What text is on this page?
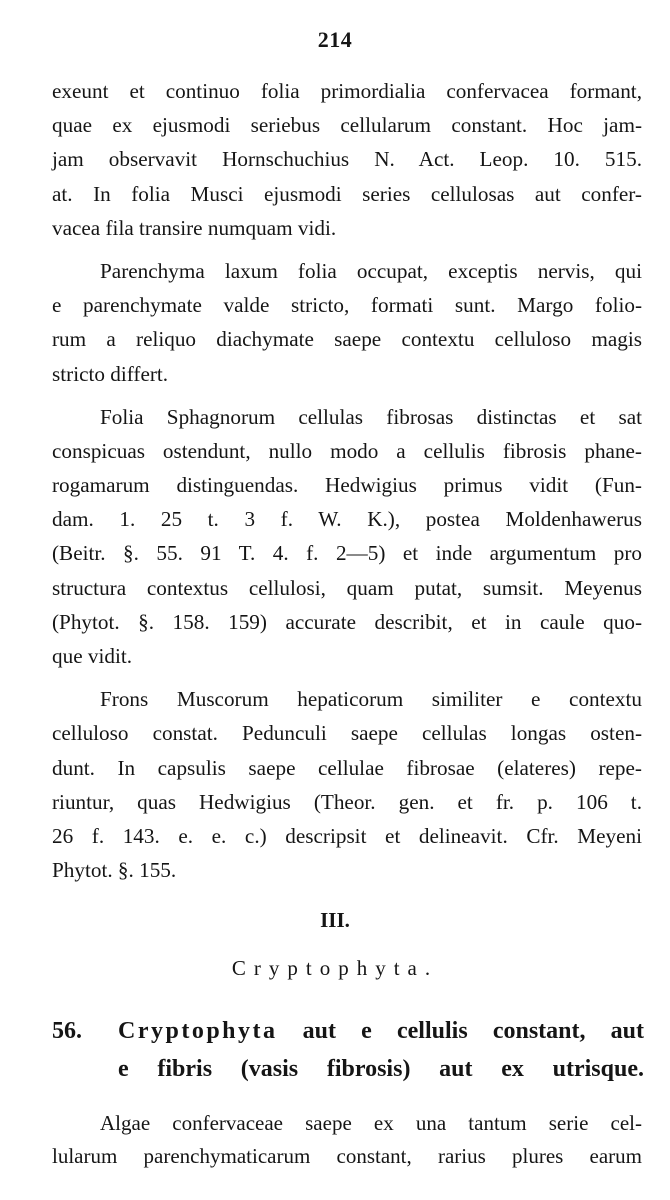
214
exeunt et continuo folia primordialia confervacea formant,
quae ex ejusmodi seriebus cellularum constant. Hoc jam-
jam observavit Hornschuchius N. Act. Leop. 10. 515.
at. In folia Musci ejusmodi series cellulosas aut confer-
vacea fila transire numquam vidi.
Parenchyma laxum folia occupat, exceptis nervis, qui
e parenchymate valde stricto, formati sunt. Margo folio-
rum a reliquo diachymate saepe contextu celluloso magis
stricto differt.
Folia Sphagnorum cellulas fibrosas distinctas et sat
conspicuas ostendunt, nullo modo a cellulis fibrosis phane-
rogamarum distinguendas. Hedwigius primus vidit (Fun-
dam. 1. 25 t. 3 f. W. K.), postea Moldenhawerus
(Beitr. §. 55. 91 T. 4. f. 2—5) et inde argumentum pro
structura contextus cellulosi, quam putat, sumsit. Meyenus
(Phytot. §. 158. 159) accurate describit, et in caule quo-
que vidit.
Frons Muscorum hepaticorum similiter e contextu
celluloso constat. Pedunculi saepe cellulas longas osten-
dunt. In capsulis saepe cellulae fibrosae (elateres) repe-
riuntur, quas Hedwigius (Theor. gen. et fr. p. 106 t.
26 f. 143. e. e. c.) descripsit et delineavit. Cfr. Meyeni
Phytot. §. 155.
III.
Cryptophyta.
56. Cryptophyta aut e cellulis constant, aut
e fibris (vasis fibrosis) aut ex utrisque.
Algae confervaceae saepe ex una tantum serie cel-
lularum parenchymaticarum constant, rarius plures earum
